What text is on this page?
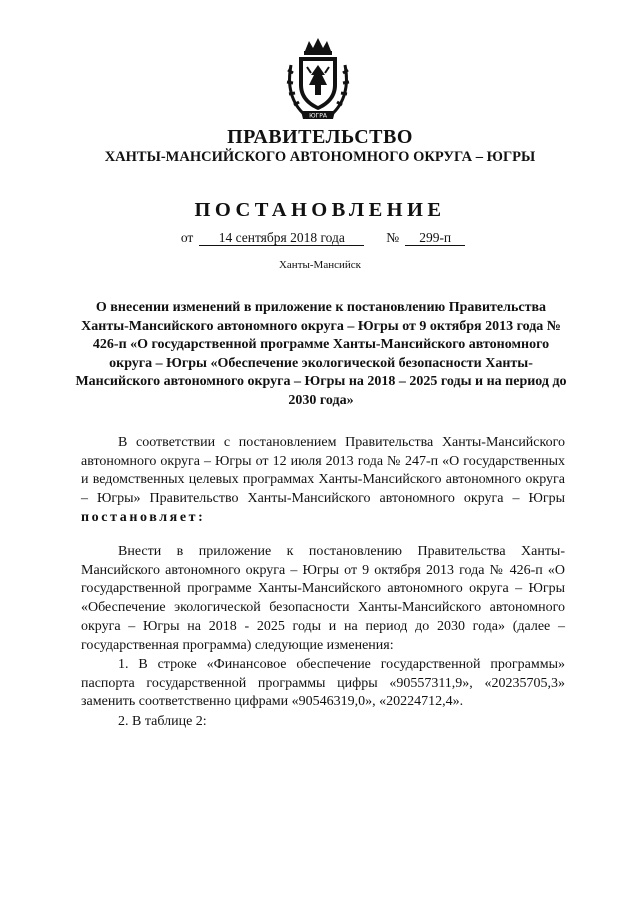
ЮГРА
ПРАВИТЕЛЬСТВО
ХАНТЫ-МАНСИЙСКОГО АВТОНОМНОГО ОКРУГА – ЮГРЫ
ПОСТАНОВЛЕНИЕ
от 14 сентября 2018 года	№ 299-п
Ханты-Мансийск
О внесении изменений в приложение к постановлению Правительства Ханты-Мансийского автономного округа – Югры от 9 октября 2013 года № 426-п «О государственной программе Ханты-Мансийского автономного округа – Югры «Обеспечение экологической безопасности Ханты-Мансийского автономного округа – Югры на 2018 – 2025 годы и на период до 2030 года»
В соответствии с постановлением Правительства Ханты-Мансийского автономного округа – Югры от 12 июля 2013 года № 247-п «О государственных и ведомственных целевых программах Ханты-Мансийского автономного округа – Югры» Правительство Ханты-Мансийского автономного округа – Югры постановляет:
Внести в приложение к постановлению Правительства Ханты-Мансийского автономного округа – Югры от 9 октября 2013 года № 426-п «О государственной программе Ханты-Мансийского автономного округа – Югры «Обеспечение экологической безопасности Ханты-Мансийского автономного округа – Югры на 2018 - 2025 годы и на период до 2030 года» (далее – государственная программа) следующие изменения:
1. В строке «Финансовое обеспечение государственной программы» паспорта государственной программы цифры «90557311,9», «20235705,3» заменить соответственно цифрами «90546319,0», «20224712,4».
2. В таблице 2:
